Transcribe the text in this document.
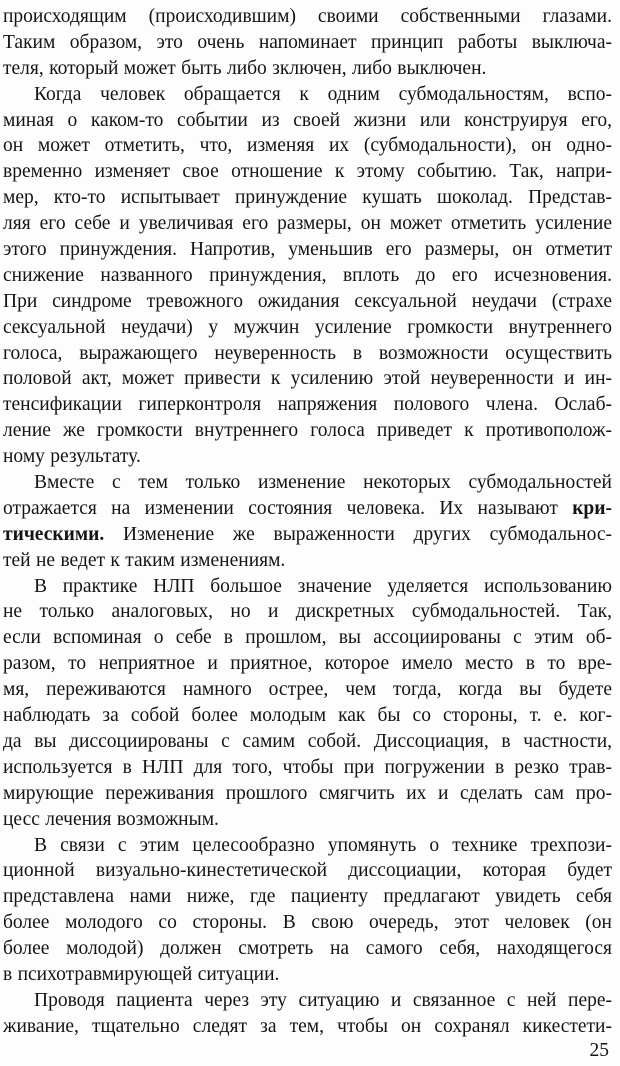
происходящим (происходившим) своими собственными глазами.
Таким образом, это очень напоминает принцип работы выключа-
теля, который может быть либо зключен, либо выключен.
Когда человек обращается к одним субмодальностям, вспо-
миная о каком-то событии из своей жизни или конструируя его,
он может отметить, что, изменяя их (субмодальности), он одно-
временно изменяет свое отношение к этому событию. Так, напри-
мер, кто-то испытывает принуждение кушать шоколад. Представ-
ляя его себе и увеличивая его размеры, он может отметить усиление
этого принуждения. Напротив, уменьшив его размеры, он отметит
снижение названного принуждения, вплоть до его исчезновения.
При синдроме тревожного ожидания сексуальной неудачи (страхе
сексуальной неудачи) у мужчин усиление громкости внутреннего
голоса, выражающего неуверенность в возможности осуществить
половой акт, может привести к усилению этой неуверенности и ин-
тенсификации гиперконтроля напряжения полового члена. Ослаб-
ление же громкости внутреннего голоса приведет к противополож-
ному результату.
Вместе с тем только изменение некоторых субмодальностей
отражается на изменении состояния человека. Их называют кри-
тическими. Изменение же выраженности других субмодальнос-
тей не ведет к таким изменениям.
В практике НЛП большое значение уделяется использованию
не только аналоговых, но и дискретных субмодальностей. Так,
если вспоминая о себе в прошлом, вы ассоциированы с этим об-
разом, то неприятное и приятное, которое имело место в то вре-
мя, переживаются намного острее, чем тогда, когда вы будете
наблюдать за собой более молодым как бы со стороны, т. е. ког-
да вы диссоциированы с самим собой. Диссоциация, в частности,
используется в НЛП для того, чтобы при погружении в резко трав-
мирующие переживания прошлого смягчить их и сделать сам про-
цесс лечения возможным.
В связи с этим целесообразно упомянуть о технике трехпози-
ционной визуально-кинестетической диссоциации, которая будет
представлена нами ниже, где пациенту предлагают увидеть себя
более молодого со стороны. В свою очередь, этот человек (он
более молодой) должен смотреть на самого себя, находящегося
в психотравмирующей ситуации.
Проводя пациента через эту ситуацию и связанное с ней пере-
живание, тщательно следят за тем, чтобы он сохранял кикестети-
25
